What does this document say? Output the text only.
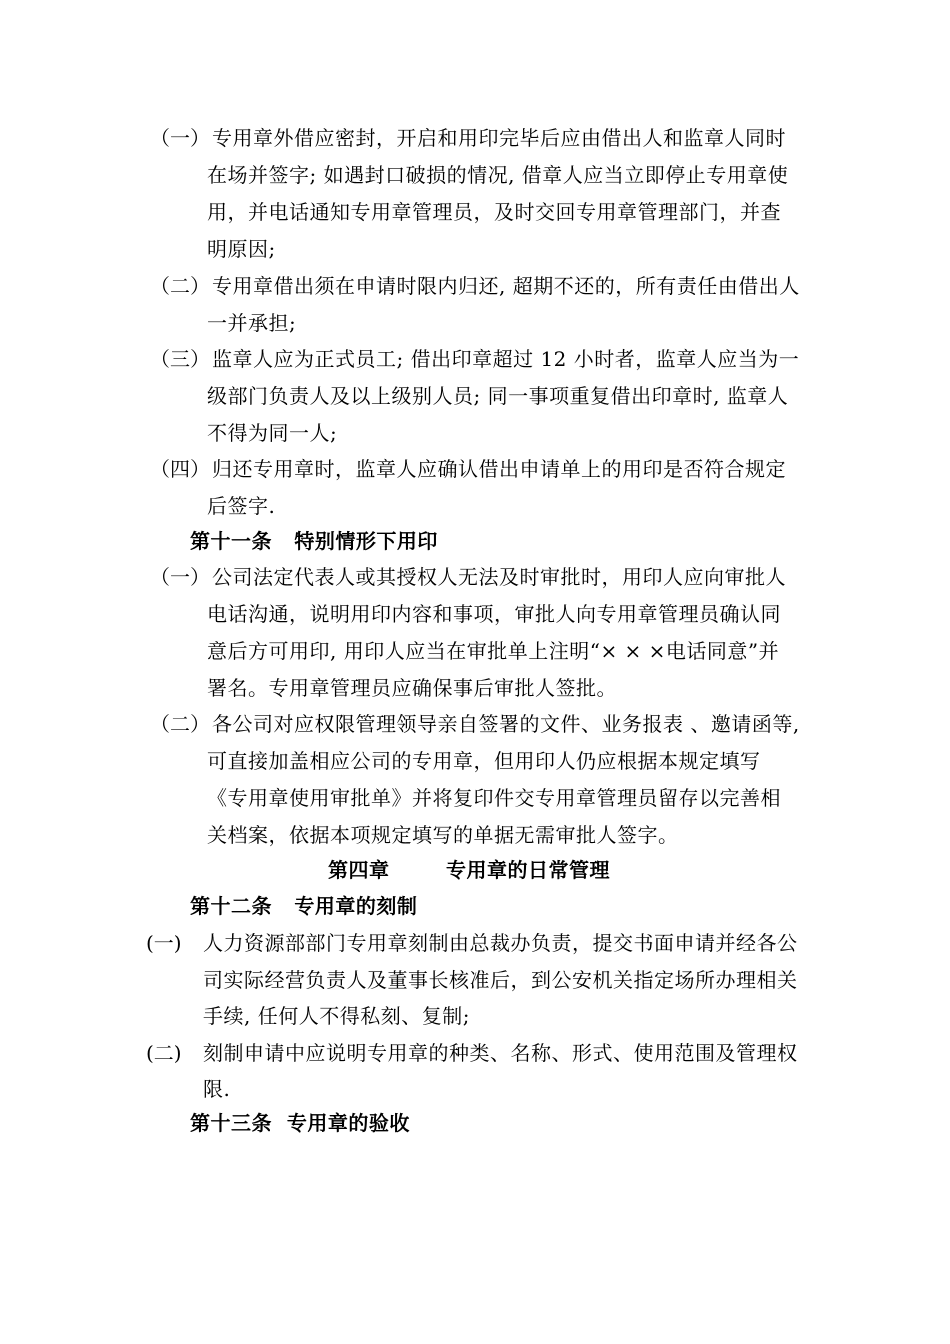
（一） 专用章外借应密封，开启和用印完毕后应由借出人和监章人同时
在场并签字; 如遇封口破损的情况, 借章人应当立即停止专用章使
用，并电话通知专用章管理员，及时交回专用章管理部门，并查
明原因;
（二） 专用章借出须在申请时限内归还, 超期不还的，所有责任由借出人
一并承担;
（三） 监章人应为正式员工; 借出印章超过 12 小时者，监章人应当为一
级部门负责人及以上级别人员; 同一事项重复借出印章时, 监章人
不得为同一人;
（四） 归还专用章时，监章人应确认借出申请单上的用印是否符合规定
后签字.
第十一条   特别情形下用印
（一） 公司法定代表人或其授权人无法及时审批时，用印人应向审批人
电话沟通，说明用印内容和事项，审批人向专用章管理员确认同
意后方可用印, 用印人应当在审批单上注明“× × ×电话同意”并
署名。专用章管理员应确保事后审批人签批。
（二） 各公司对应权限管理领导亲自签署的文件、业务报表 、邀请函等,
可直接加盖相应公司的专用章，但用印人仍应根据本规定填写
《专用章使用审批单》并将复印件交专用章管理员留存以完善相
关档案，依据本项规定填写的单据无需审批人签字。
第四章	专用章的日常管理
第十二条   专用章的刻制
(一) 人力资源部部门专用章刻制由总裁办负责，提交书面申请并经各公
司实际经营负责人及董事长核准后，到公安机关指定场所办理相关
手续, 任何人不得私刻、复制;
(二) 刻制申请中应说明专用章的种类、名称、形式、使用范围及管理权
限.
第十三条  专用章的验收
